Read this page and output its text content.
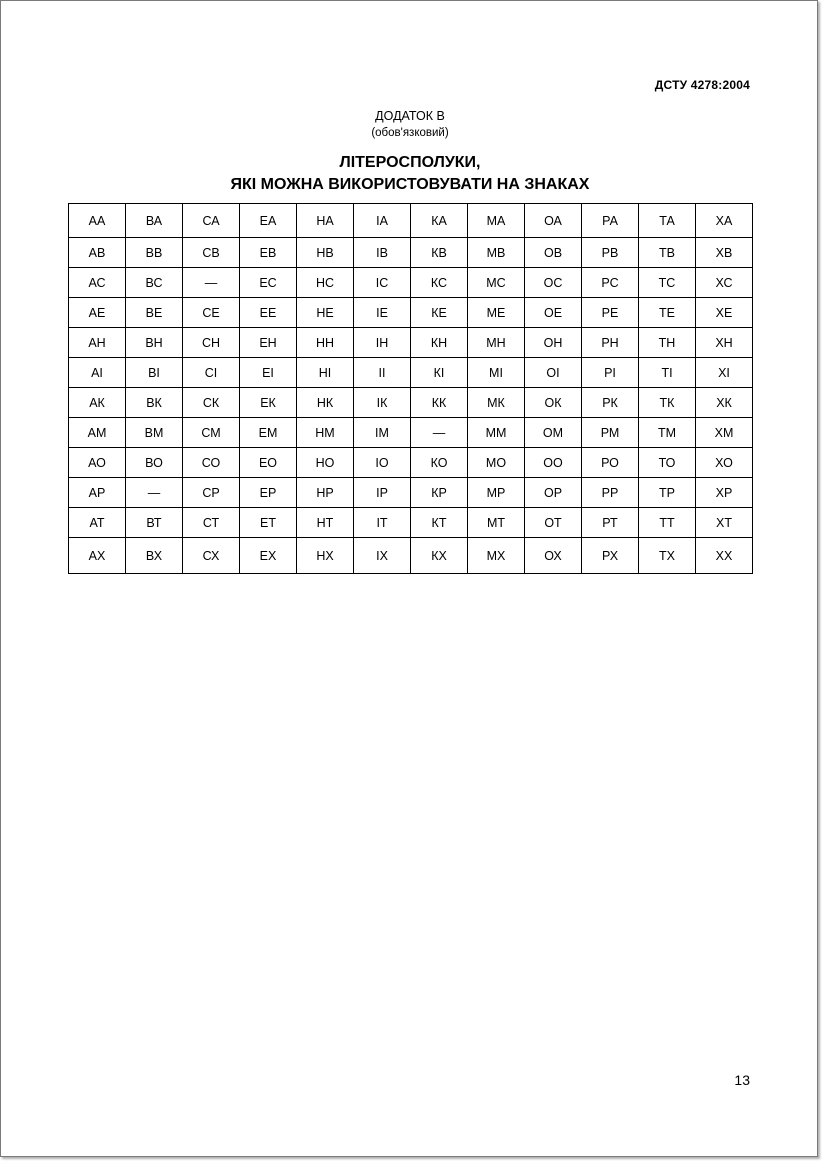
ДСТУ 4278:2004
ДОДАТОК В
(обов'язковий)
ЛІТЕРОСПОЛУКИ,
ЯКІ МОЖНА ВИКОРИСТОВУВАТИ НА ЗНАКАХ
АА	ВА	СА	ЕА	НА	ІА	КА	МА	ОА	РА	ТА	ХА
АВ	ВВ	СВ	ЕВ	НВ	ІВ	КВ	МВ	ОВ	РВ	ТВ	ХВ
АС	ВС	—	ЕС	НС	ІС	КС	МС	ОС	РС	ТС	ХС
АЕ	ВЕ	СЕ	ЕЕ	НЕ	ІЕ	КЕ	МЕ	ОЕ	РЕ	ТЕ	ХЕ
АН	ВН	СН	ЕН	НН	ІН	КН	МН	ОН	РН	ТН	ХН
АІ	ВІ	СІ	ЕІ	НІ	ІІ	КІ	МІ	ОІ	РІ	ТІ	ХІ
АК	ВК	СК	ЕК	НК	ІК	КК	МК	ОК	РК	ТК	ХК
АМ	ВМ	СМ	ЕМ	НМ	ІМ	—	ММ	ОМ	РМ	ТМ	ХМ
АО	ВО	СО	ЕО	НО	ІО	КО	МО	ОО	РО	ТО	ХО
АР	—	СР	ЕР	НР	ІР	КР	МР	ОР	РР	ТР	ХР
АТ	ВТ	СТ	ЕТ	НТ	ІТ	КТ	МТ	ОТ	РТ	ТТ	ХТ
АХ	ВХ	СХ	ЕХ	НХ	ІХ	КХ	МХ	ОХ	РХ	ТХ	ХХ
13
